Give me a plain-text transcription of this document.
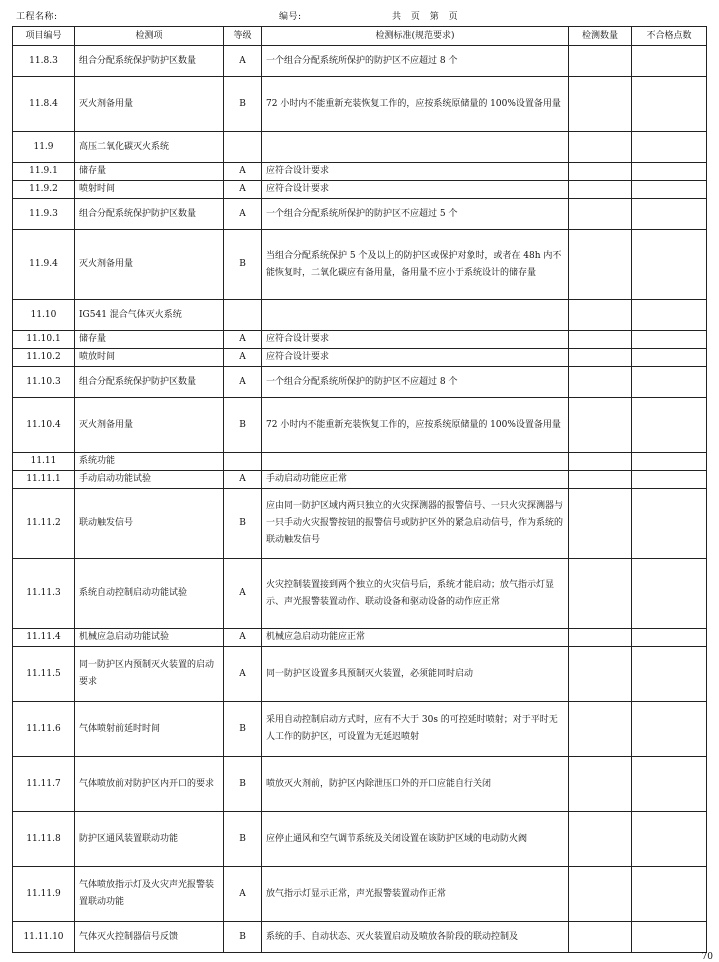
工程名称:	编号:	共 页 第 页
项目编号	检测项	等级	检测标准(规范要求)	检测数量	不合格点数
11.8.3	组合分配系统保护防护区数量	A	一个组合分配系统所保护的防护区不应超过 8 个		
11.8.4	灭火剂备用量	B	72 小时内不能重新充装恢复工作的，应按系统原储量的 100%设置备用量		
11.9	高压二氧化碳灭火系统				
11.9.1	储存量	A	应符合设计要求		
11.9.2	喷射时间	A	应符合设计要求		
11.9.3	组合分配系统保护防护区数量	A	一个组合分配系统所保护的防护区不应超过 5 个		
11.9.4	灭火剂备用量	B	当组合分配系统保护 5 个及以上的防护区或保护对象时，或者在 48h 内不能恢复时，二氧化碳应有备用量，备用量不应小于系统设计的储存量		
11.10	IG541 混合气体灭火系统				
11.10.1	储存量	A	应符合设计要求		
11.10.2	喷放时间	A	应符合设计要求		
11.10.3	组合分配系统保护防护区数量	A	一个组合分配系统所保护的防护区不应超过 8 个		
11.10.4	灭火剂备用量	B	72 小时内不能重新充装恢复工作的，应按系统原储量的 100%设置备用量		
11.11	系统功能				
11.11.1	手动启动功能试验	A	手动启动功能应正常		
11.11.2	联动触发信号	B	应由同一防护区域内两只独立的火灾探测器的报警信号、一只火灾探测器与一只手动火灾报警按钮的报警信号或防护区外的紧急启动信号，作为系统的联动触发信号		
11.11.3	系统自动控制启动功能试验	A	火灾控制装置接到两个独立的火灾信号后，系统才能启动；放气指示灯显示、声光报警装置动作、联动设备和驱动设备的动作应正常		
11.11.4	机械应急启动功能试验	A	机械应急启动功能应正常		
11.11.5	同一防护区内预制灭火装置的启动要求	A	同一防护区设置多具预制灭火装置，必须能同时启动		
11.11.6	气体喷射前延时时间	B	采用自动控制启动方式时，应有不大于 30s 的可控延时喷射；对于平时无人工作的防护区，可设置为无延迟喷射		
11.11.7	气体喷放前对防护区内开口的要求	B	喷放灭火剂前，防护区内除泄压口外的开口应能自行关闭		
11.11.8	防护区通风装置联动功能	B	应停止通风和空气调节系统及关闭设置在该防护区域的电动防火阀		
11.11.9	气体喷放指示灯及火灾声光报警装置联动功能	A	放气指示灯显示正常，声光报警装置动作正常		
11.11.10	气体灭火控制器信号反馈	B	系统的手、自动状态、灭火装置启动及喷放各阶段的联动控制及		
70
